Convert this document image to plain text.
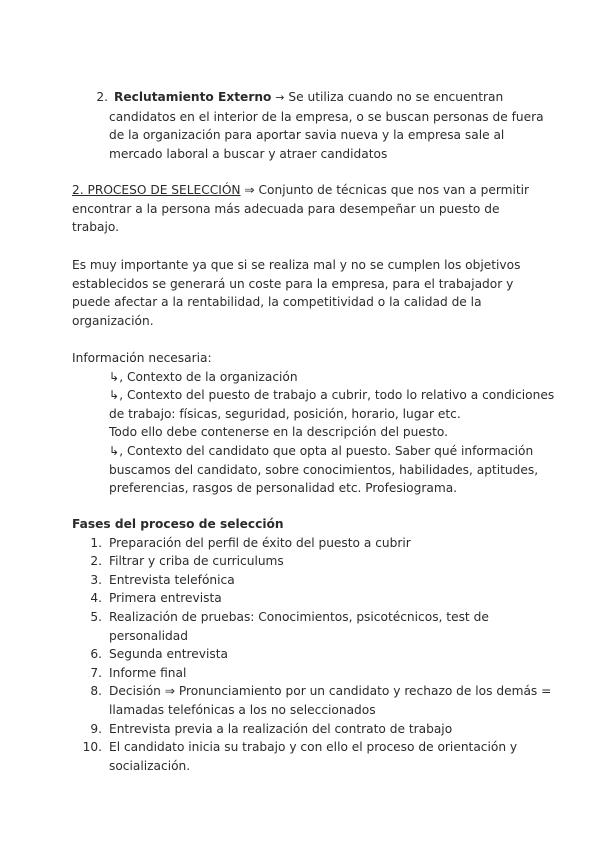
2. Reclutamiento Externo → Se utiliza cuando no se encuentran
candidatos en el interior de la empresa, o se buscan personas de fuera
de la organización para aportar savia nueva y la empresa sale al
mercado laboral a buscar y atraer candidatos
2. PROCESO DE SELECCIÓN ⇒ Conjunto de técnicas que nos van a permitir
encontrar a la persona más adecuada para desempeñar un puesto de
trabajo.
Es muy importante ya que si se realiza mal y no se cumplen los objetivos
establecidos se generará un coste para la empresa, para el trabajador y
puede afectar a la rentabilidad, la competitividad o la calidad de la
organización.
Información necesaria:
↳, Contexto de la organización
↳, Contexto del puesto de trabajo a cubrir, todo lo relativo a condiciones
de trabajo: físicas, seguridad, posición, horario, lugar etc.
Todo ello debe contenerse en la descripción del puesto.
↳, Contexto del candidato que opta al puesto. Saber qué información
buscamos del candidato, sobre conocimientos, habilidades, aptitudes,
preferencias, rasgos de personalidad etc. Profesiograma.
Fases del proceso de selección
1. Preparación del perfil de éxito del puesto a cubrir
2. Filtrar y criba de curriculums
3. Entrevista telefónica
4. Primera entrevista
5. Realización de pruebas: Conocimientos, psicotécnicos, test de
personalidad
6. Segunda entrevista
7. Informe final
8. Decisión ⇒ Pronunciamiento por un candidato y rechazo de los demás =
llamadas telefónicas a los no seleccionados
9. Entrevista previa a la realización del contrato de trabajo
10. El candidato inicia su trabajo y con ello el proceso de orientación y
socialización.
